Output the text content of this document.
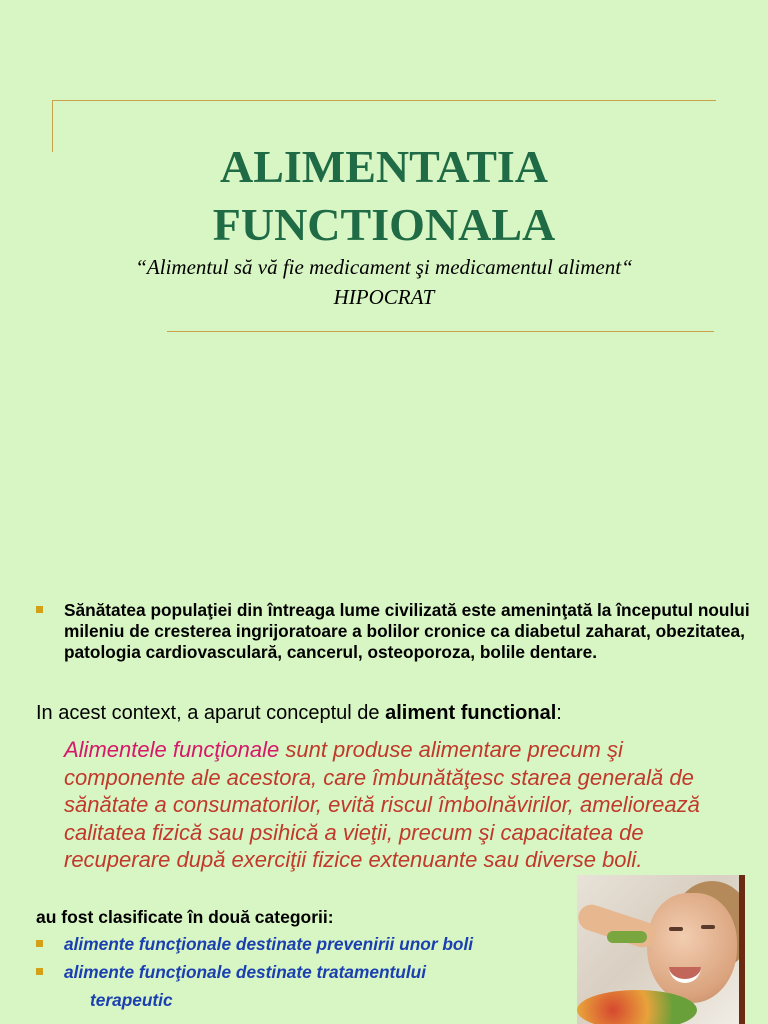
ALIMENTATIA
FUNCTIONALA
“Alimentul să vă fie medicament şi medicamentul aliment“
HIPOCRAT
Sănătatea populaţiei din întreaga lume civilizată este ameninţată la începutul noului mileniu de cresterea ingrijoratoare a bolilor cronice ca diabetul zaharat, obezitatea, patologia cardiovasculară, cancerul, osteoporoza, bolile dentare.
In acest context, a aparut conceptul de aliment functional:
Alimentele funcţionale sunt produse alimentare precum şi componente ale acestora, care îmbunătăţesc starea generală de sănătate a consumatorilor, evită riscul îmbolnăvirilor, ameliorează calitatea fizică sau psihică a vieţii, precum şi capacitatea de recuperare după exerciţii fizice extenuante sau diverse boli.
au fost clasificate în două categorii:
alimente funcţionale destinate prevenirii unor boli
alimente funcţionale destinate tratamentului
terapeutic
